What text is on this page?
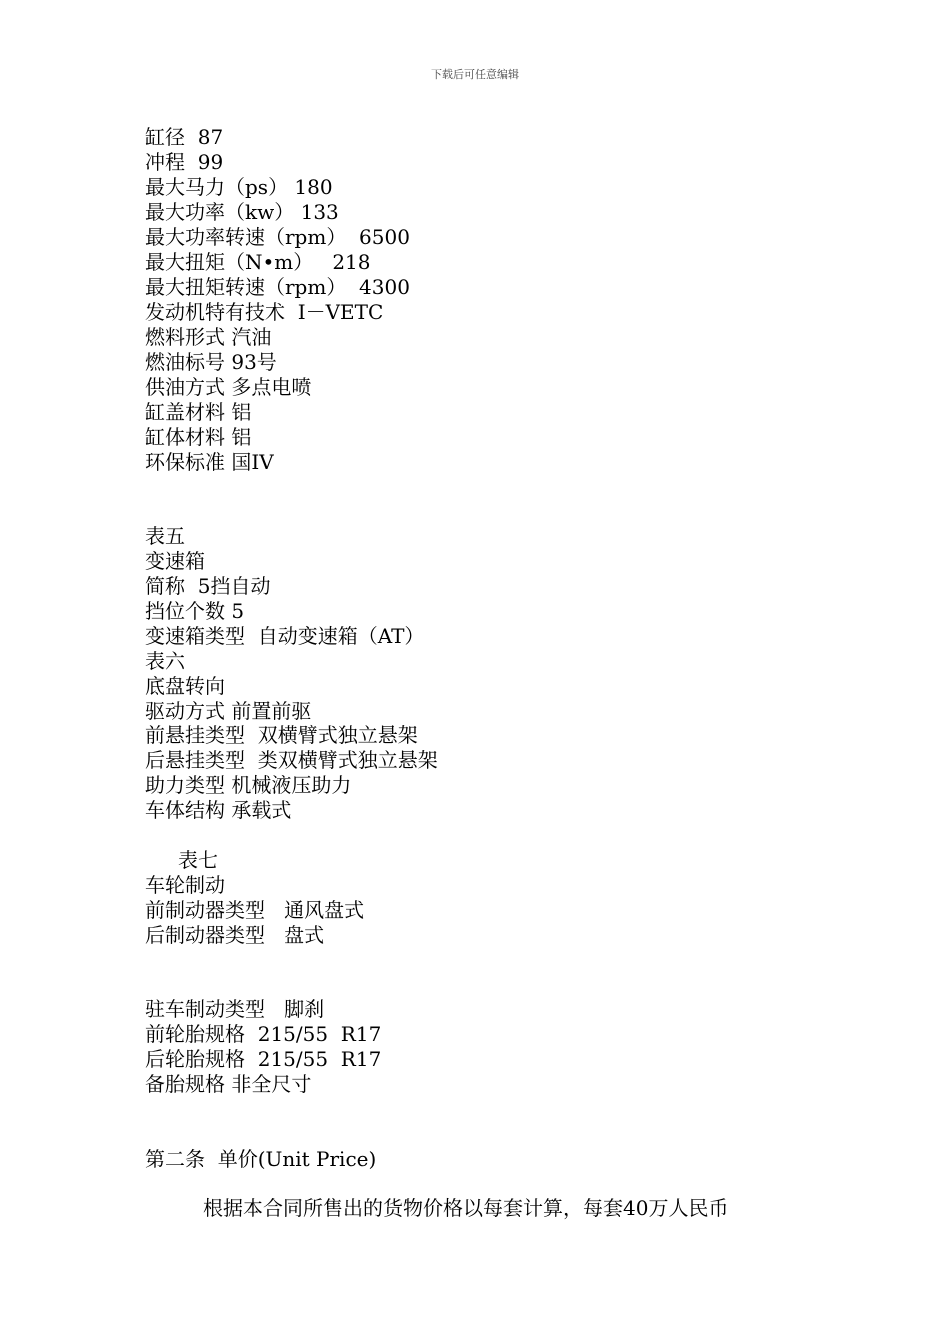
下载后可任意编辑
缸径  87
冲程  99
最大马力（ps） 180
最大功率（kw） 133
最大功率转速（rpm）  6500
最大扭矩（N•m）   218
最大扭矩转速（rpm）  4300
发动机特有技术  I－VETC
燃料形式 汽油
燃油标号 93号
供油方式 多点电喷
缸盖材料 铝
缸体材料 铝
环保标准 国IV
表五
变速箱
简称  5挡自动
挡位个数 5
变速箱类型  自动变速箱（AT）
表六
底盘转向
驱动方式 前置前驱
前悬挂类型  双横臂式独立悬架
后悬挂类型  类双横臂式独立悬架
助力类型 机械液压助力
车体结构 承载式
表七
车轮制动
前制动器类型   通风盘式
后制动器类型   盘式
驻车制动类型   脚刹
前轮胎规格  215/55  R17
后轮胎规格  215/55  R17
备胎规格 非全尺寸
第二条  单价(Unit Price)
根据本合同所售出的货物价格以每套计算，每套40万人民币
